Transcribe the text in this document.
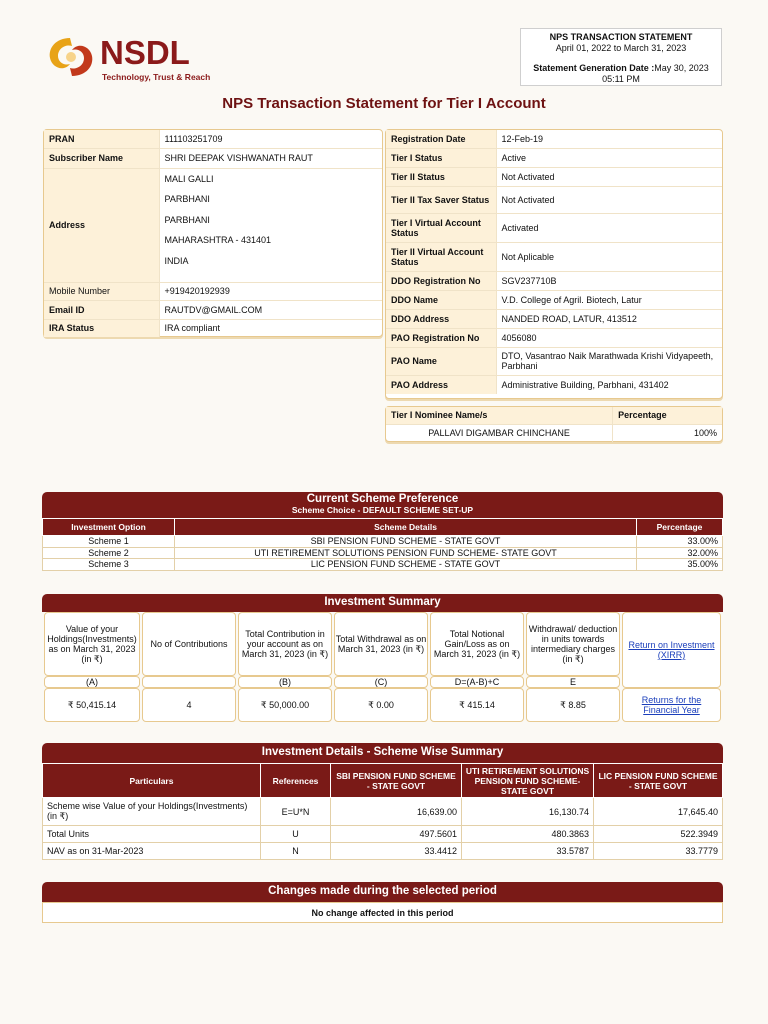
NSDL
Technology, Trust & Reach
NPS TRANSACTION STATEMENT
April 01, 2022 to March 31, 2023
Statement Generation Date :May 30, 2023
05:11 PM
NPS Transaction Statement for Tier I Account
PRAN	111103251709
Subscriber Name	SHRI DEEPAK VISHWANATH RAUT
Address	MALI GALLI
PARBHANI
PARBHANI
MAHARASHTRA - 431401
INDIA

Mobile Number	+919420192939
Email ID	RAUTDV@GMAIL.COM
IRA Status	IRA compliant
Registration Date	12-Feb-19
Tier I Status	Active
Tier II Status	Not Activated
Tier II Tax Saver Status	Not Activated
Tier I Virtual Account Status	Activated
Tier II Virtual Account Status	Not Aplicable
DDO Registration No	SGV237710B
DDO Name	V.D. College of Agril. Biotech, Latur
DDO Address	NANDED ROAD, LATUR, 413512
PAO Registration No	4056080
PAO Name	DTO, Vasantrao Naik Marathwada Krishi Vidyapeeth, Parbhani
PAO Address	Administrative Building, Parbhani, 431402
Tier I Nominee Name/s	Percentage
PALLAVI DIGAMBAR CHINCHANE	100%
Current Scheme Preference
Scheme Choice - DEFAULT SCHEME SET-UP
Investment Option	Scheme Details	Percentage
Scheme 1	SBI PENSION FUND SCHEME - STATE GOVT	33.00%
Scheme 2	UTI RETIREMENT SOLUTIONS PENSION FUND SCHEME- STATE GOVT	32.00%
Scheme 3	LIC PENSION FUND SCHEME - STATE GOVT	35.00%
Investment Summary
Value of your Holdings(Investments) as on March 31, 2023 (in ₹)	No of Contributions	Total Contribution in your account as on March 31, 2023 (in ₹)	Total Withdrawal as on March 31, 2023 (in ₹)	Total Notional Gain/Loss as on March 31, 2023 (in ₹)	Withdrawal/ deduction in units towards intermediary charges (in ₹)	Return on Investment (XIRR)
(A)		(B)	(C)	D=(A-B)+C	E	
₹ 50,415.14	4	₹ 50,000.00	₹ 0.00	₹ 415.14	₹ 8.85	Returns for the Financial Year
Investment Details - Scheme Wise Summary
Particulars	References	SBI PENSION FUND SCHEME - STATE GOVT	UTI RETIREMENT SOLUTIONS PENSION FUND SCHEME- STATE GOVT	LIC PENSION FUND SCHEME - STATE GOVT
Scheme wise Value of your Holdings(Investments) (in ₹)	E=U*N	16,639.00	16,130.74	17,645.40
Total Units	U	497.5601	480.3863	522.3949
NAV as on 31-Mar-2023	N	33.4412	33.5787	33.7779
Changes made during the selected period
No change affected in this period
